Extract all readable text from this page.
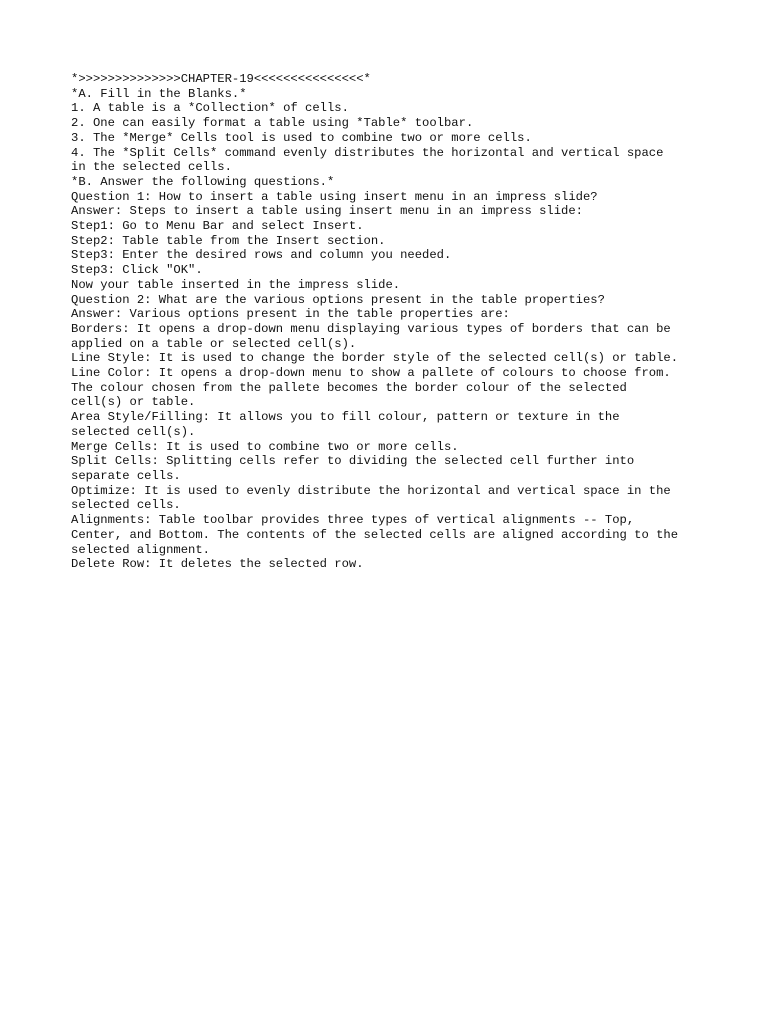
*>>>>>>>>>>>>>>CHAPTER-19<<<<<<<<<<<<<<<*

*A. Fill in the Blanks.*

1. A table is a *Collection* of cells.

2. One can easily format a table using *Table* toolbar.

3. The *Merge* Cells tool is used to combine two or more cells.

4. The *Split Cells* command evenly distributes the horizontal and vertical space

in the selected cells.

*B. Answer the following questions.*

Question 1: How to insert a table using insert menu in an impress slide?

Answer: Steps to insert a table using insert menu in an impress slide:

Step1: Go to Menu Bar and select Insert.

Step2: Table table from the Insert section.

Step3: Enter the desired rows and column you needed.

Step3: Click "OK".

Now your table inserted in the impress slide.

Question 2: What are the various options present in the table properties?

Answer: Various options present in the table properties are:

Borders: It opens a drop-down menu displaying various types of borders that can be

applied on a table or selected cell(s).

Line Style: It is used to change the border style of the selected cell(s) or table.

Line Color: It opens a drop-down menu to show a pallete of colours to choose from.

The colour chosen from the pallete becomes the border colour of the selected

cell(s) or table.

Area Style/Filling: It allows you to fill colour, pattern or texture in the

selected cell(s).

Merge Cells: It is used to combine two or more cells.

Split Cells: Splitting cells refer to dividing the selected cell further into

separate cells.

Optimize: It is used to evenly distribute the horizontal and vertical space in the

selected cells.

Alignments: Table toolbar provides three types of vertical alignments -- Top,

Center, and Bottom. The contents of the selected cells are aligned according to the

selected alignment.

Delete Row: It deletes the selected row.
